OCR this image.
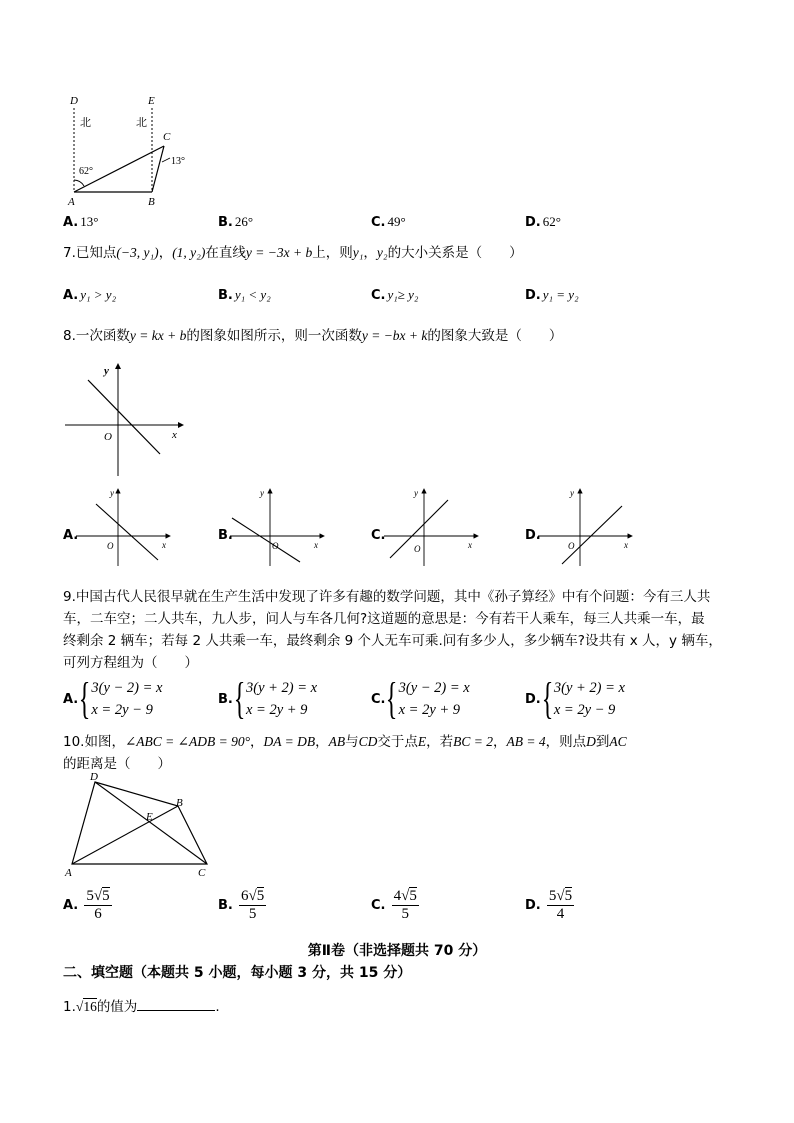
D	E
北	北
62°
C
13°
A	B
A. 13°	B. 26°	C. 49°	D. 62°
7.已知点(−3, y₁)，(1, y₂)在直线y = −3x + b上，则y₁，y₂的大小关系是（　　）
A. y₁ > y₂	B. y₁ < y₂	C. y₁≥ y₂	D. y₁ = y₂
8.一次函数y = kx + b的图象如图所示，则一次函数y = −bx + k的图象大致是（　　）
y
x
O
A.
y
x
O
B.
y
x
O
C.
y
x
O
D.
y
x
O
9.中国古代人民很早就在生产生活中发现了许多有趣的数学问题，其中《孙子算经》中有个问题：今有三人共
车，二车空；二人共车，九人步，问人与车各几何?这道题的意思是：今有若干人乘车，每三人共乘一车，最
终剩余 2 辆车；若每 2 人共乘一车，最终剩余 9 个人无车可乘.问有多少人，多少辆车?设共有 x 人，y 辆车，
可列方程组为（　　）
A. { 3(y − 2) = x
x = 2y − 9
B. { 3(y + 2) = x
x = 2y + 9
C. { 3(y − 2) = x
x = 2y + 9
D. { 3(y + 2) = x
x = 2y − 9
10.如图，∠ABC = ∠ADB = 90°，DA = DB，AB与CD交于点E，若BC = 2，AB = 4，则点D到AC
的距离是（　　）
D
B
E
A	C
A. $\frac{5√5}{6}$	B. $\frac{6√5}{5}$	C. $\frac{4√5}{5}$	D. $\frac{5√5}{4}$
第Ⅱ卷（非选择题共 70 分）
二、填空题（本题共 5 小题，每小题 3 分，共 15 分）
1.√16的值为	.
